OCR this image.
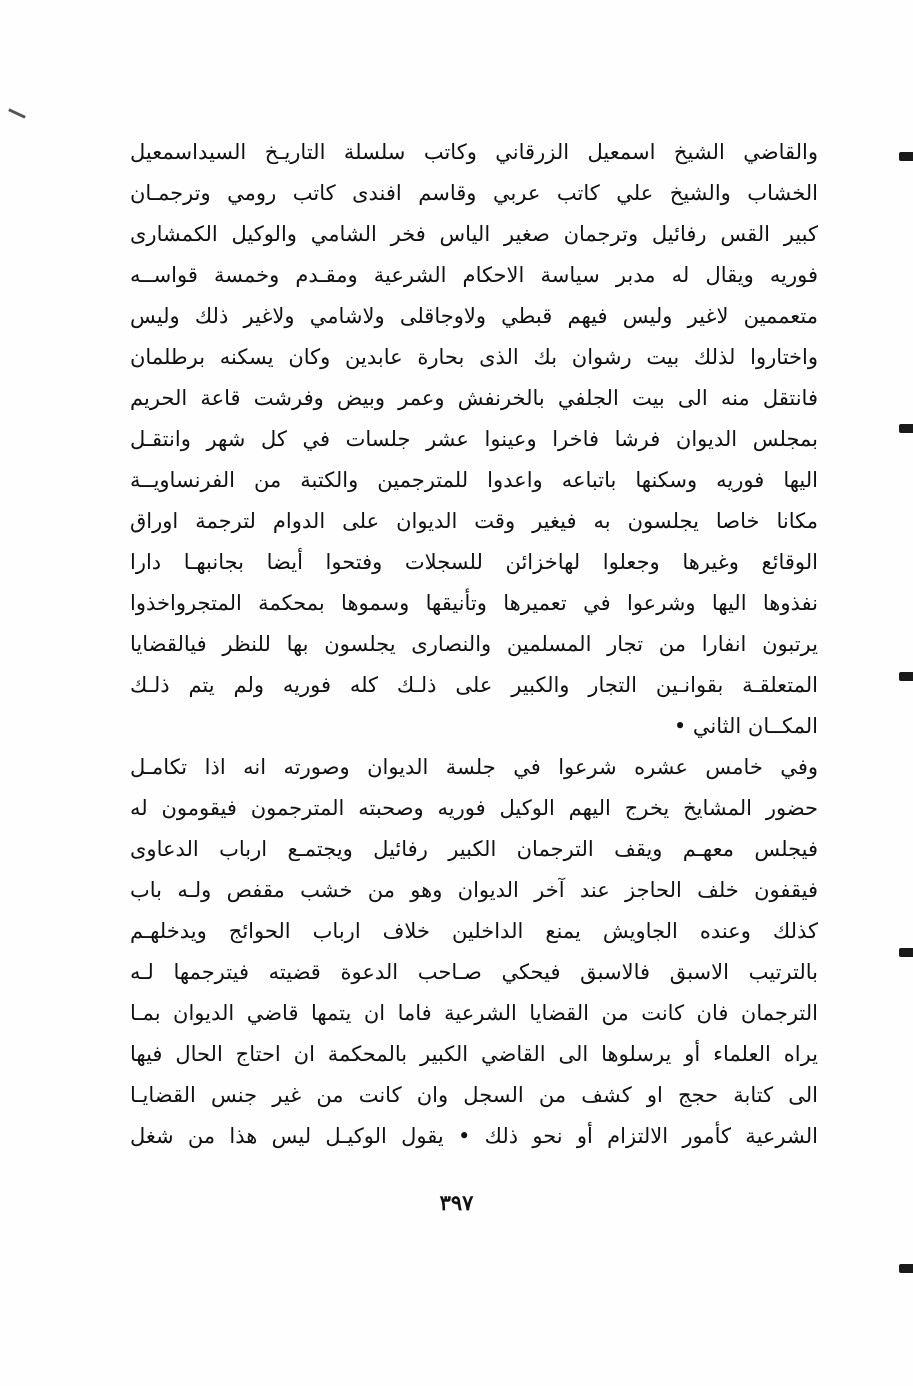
والقاضي الشيخ اسمعيل الزرقاني وكاتب سلسلة التاريـخ السيداسمعيل
الخشاب والشيخ علي كاتب عربي وقاسم افندى كاتب رومي وترجمـان
كبير القس رفائيل وترجمان صغير الياس فخر الشامي والوكيل الكمشارى
فوريه ويقال له مدبر سياسة الاحكام الشرعية ومقـدم وخمسة قواســه
متعممين لاغير وليس فيهم قبطي ولاوجاقلى ولاشامي ولاغير ذلك وليس
واختاروا لذلك بيت رشوان بك الذى بحارة عابدين وكان يسكنه برطلمان
فانتقل منه الى بيت الجلفي بالخرنفش وعمر وبيض وفرشت قاعة الحريم
بمجلس الديوان فرشا فاخرا وعينوا عشر جلسات في كل شهر وانتقـل
اليها فوريه وسكنها باتباعه واعدوا للمترجمين والكتبة من الفرنساويــة
مكانا خاصا يجلسون به فيغير وقت الديوان على الدوام لترجمة اوراق
الوقائع وغيرها وجعلوا لهاخزائن للسجلات وفتحوا أيضا بجانبهـا دارا
نفذوها اليها وشرعوا في تعميرها وتأنيقها وسموها بمحكمة المتجرواخذوا
يرتبون انفارا من تجار المسلمين والنصارى يجلسون بها للنظر فيالقضايا
المتعلقـة بقوانـين التجار والكبير على ذلـك كله فوريه ولم يتم ذلـك
المكــان الثاني •
وفي خامس عشره شرعوا في جلسة الديوان وصورته انه اذا تكامـل
حضور المشايخ يخرج اليهم الوكيل فوريه وصحبته المترجمون فيقومون له
فيجلس معهـم ويقف الترجمان الكبير رفائيل ويجتمـع ارباب الدعاوى
فيقفون خلف الحاجز عند آخر الديوان وهو من خشب مقفص ولـه باب
كذلك وعنده الجاويش يمنع الداخلين خلاف ارباب الحوائج ويدخلهـم
بالترتيب الاسبق فالاسبق فيحكي صـاحب الدعوة قضيته فيترجمها لـه
الترجمان فان كانت من القضايا الشرعية فاما ان يتمها قاضي الديوان بمـا
يراه العلماء أو يرسلوها الى القاضي الكبير بالمحكمة ان احتاج الحال فيها
الى كتابة حجج او كشف من السجل وان كانت من غير جنس القضايـا
الشرعية كأمور الالتزام أو نحو ذلك • يقول الوكيـل ليس هذا من شغل
٣٩٧
